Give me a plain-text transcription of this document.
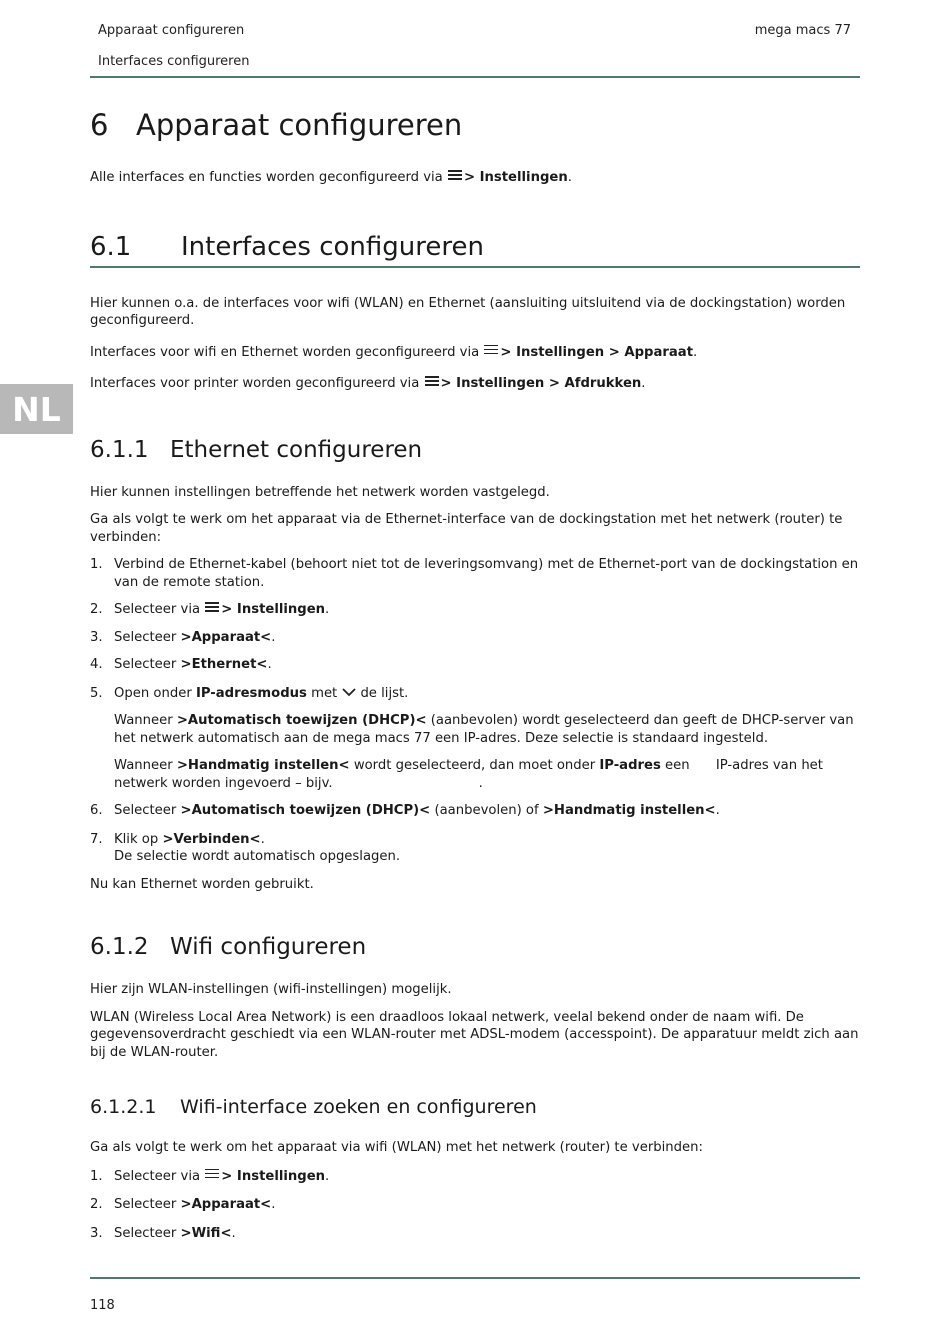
Apparaat configureren
Interfaces configureren
mega macs 77
NL
6 Apparaat configureren

Alle interfaces en functies worden geconfigureerd via > Instellingen.

6.1 Interfaces configureren

Hier kunnen o.a. de interfaces voor wifi (WLAN) en Ethernet (aansluiting uitsluitend via de dockingstation) worden geconfigureerd.

Interfaces voor wifi en Ethernet worden geconfigureerd via > Instellingen > Apparaat.

Interfaces voor printer worden geconfigureerd via > Instellingen > Afdrukken.

6.1.1 Ethernet configureren

Hier kunnen instellingen betreffende het netwerk worden vastgelegd.

Ga als volgt te werk om het apparaat via de Ethernet-interface van de dockingstation met het netwerk (router) te verbinden:

1. Verbind de Ethernet-kabel (behoort niet tot de leveringsomvang) met de Ethernet-port van de dockingstation en van de remote station.
2. Selecteer via > Instellingen.
3. Selecteer >Apparaat<.
4. Selecteer >Ethernet<.
5. Open onder IP-adresmodus met de lijst.
Wanneer >Automatisch toewijzen (DHCP)< (aanbevolen) wordt geselecteerd dan geeft de DHCP-server van het netwerk automatisch aan de mega macs 77 een IP-adres. Deze selectie is standaard ingesteld.
Wanneer >Handmatig instellen< wordt geselecteerd, dan moet onder IP-adres een IP-adres van het netwerk worden ingevoerd – bijv.	.
6. Selecteer >Automatisch toewijzen (DHCP)< (aanbevolen) of >Handmatig instellen<.
7. Klik op >Verbinden<.
De selectie wordt automatisch opgeslagen.

Nu kan Ethernet worden gebruikt.

6.1.2 Wifi configureren

Hier zijn WLAN-instellingen (wifi-instellingen) mogelijk.

WLAN (Wireless Local Area Network) is een draadloos lokaal netwerk, veelal bekend onder de naam wifi. De gegevensoverdracht geschiedt via een WLAN-router met ADSL-modem (accesspoint). De apparatuur meldt zich aan bij de WLAN-router.

6.1.2.1 Wifi-interface zoeken en configureren

Ga als volgt te werk om het apparaat via wifi (WLAN) met het netwerk (router) te verbinden:

1. Selecteer via > Instellingen.
2. Selecteer >Apparaat<.
3. Selecteer >Wifi<.
118
